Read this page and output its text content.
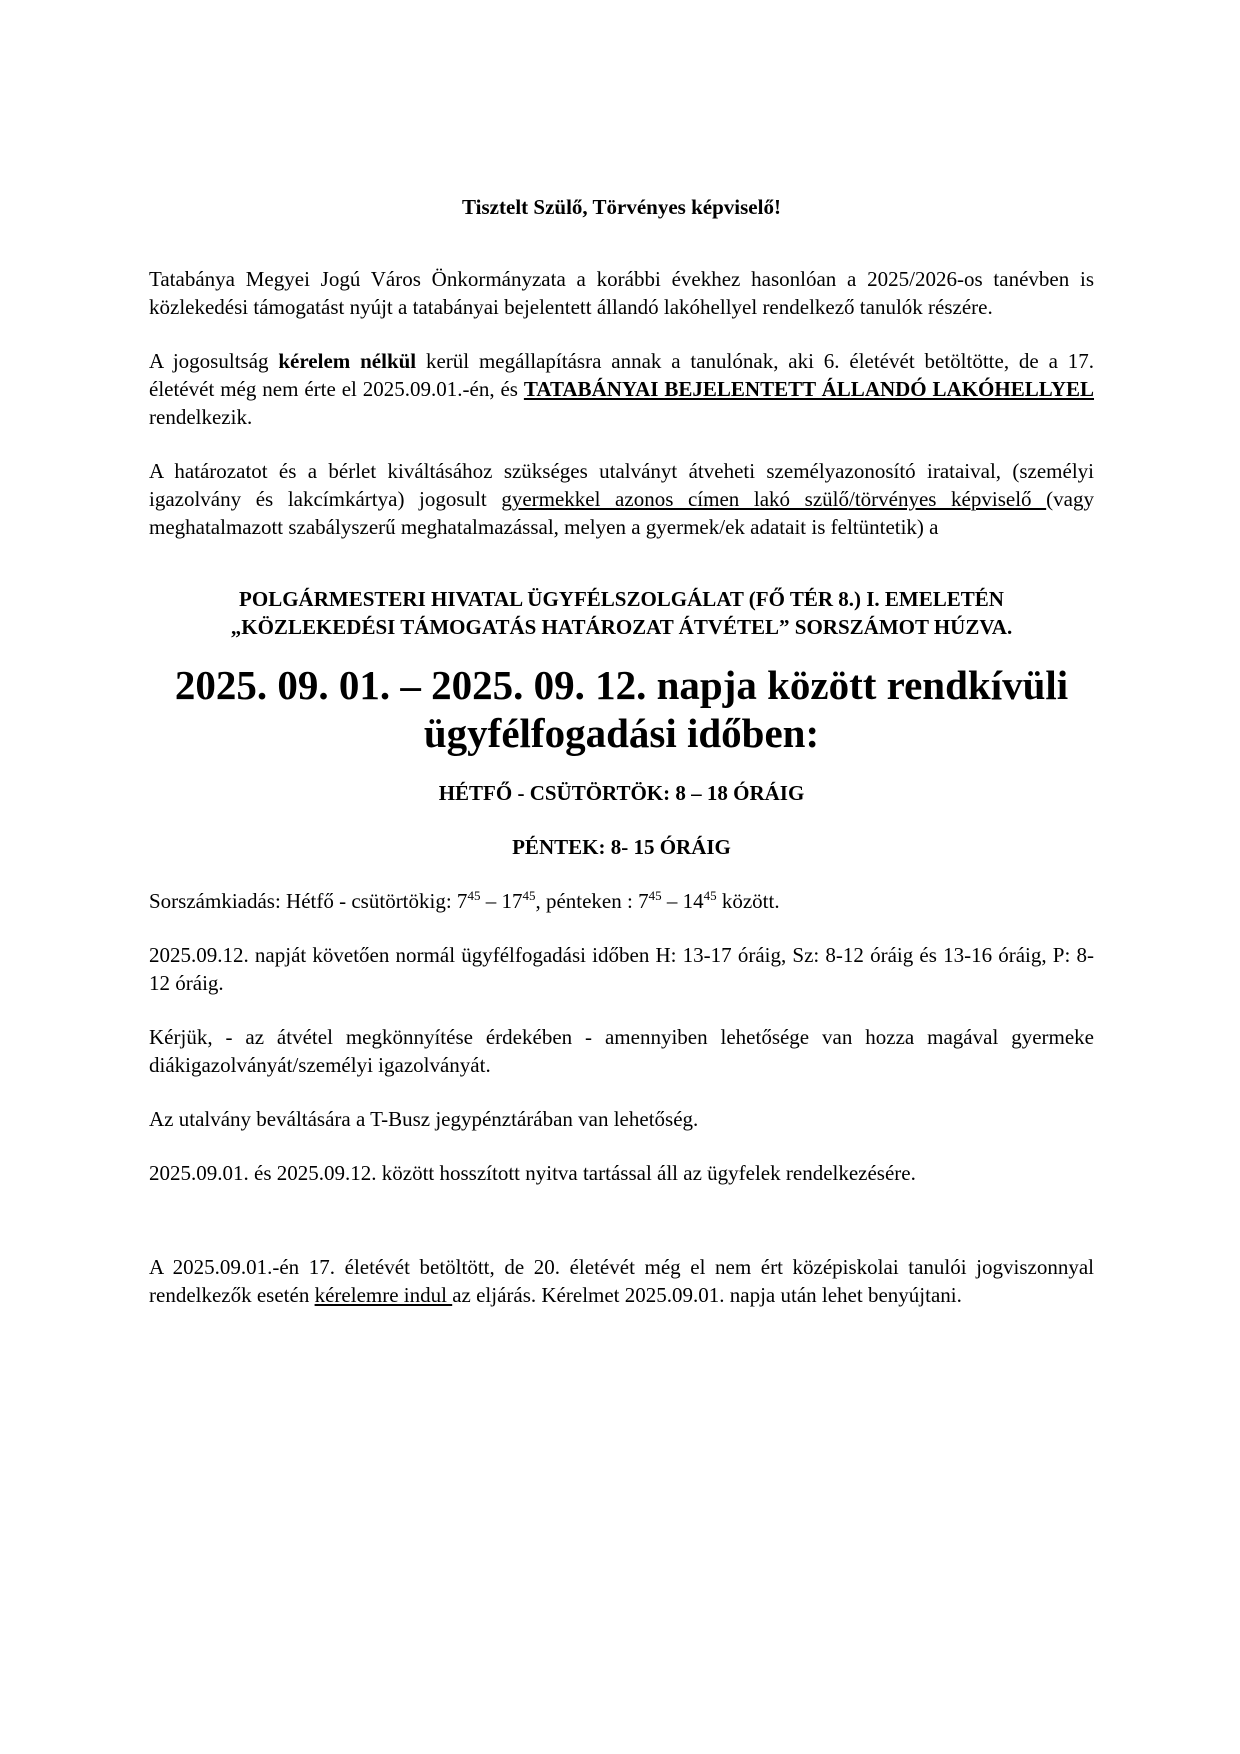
Tisztelt Szülő, Törvényes képviselő!

Tatabánya Megyei Jogú Város Önkormányzata a korábbi évekhez hasonlóan a 2025/2026-os tanévben is közlekedési támogatást nyújt a tatabányai bejelentett állandó lakóhellyel rendelkező tanulók részére.

A jogosultság kérelem nélkül kerül megállapításra annak a tanulónak, aki 6. életévét betöltötte, de a 17. életévét még nem érte el 2025.09.01.-én, és TATABÁNYAI BEJELENTETT ÁLLANDÓ LAKÓHELLYEL rendelkezik.

A határozatot és a bérlet kiváltásához szükséges utalványt átveheti személyazonosító irataival, (személyi igazolvány és lakcímkártya) jogosult gyermekkel azonos címen lakó szülő/törvényes képviselő (vagy meghatalmazott szabályszerű meghatalmazással, melyen a gyermek/ek adatait is feltüntetik) a

POLGÁRMESTERI HIVATAL ÜGYFÉLSZOLGÁLAT (FŐ TÉR 8.) I. EMELETÉN
„KÖZLEKEDÉSI TÁMOGATÁS HATÁROZAT ÁTVÉTEL” SORSZÁMOT HÚZVA.
2025. 09. 01. – 2025. 09. 12. napja között rendkívüli ügyfélfogadási időben:
HÉTFŐ - CSÜTÖRTÖK: 8 – 18 ÓRÁIG
PÉNTEK: 8- 15 ÓRÁIG

Sorszámkiadás: Hétfő - csütörtökig: $7^{45} - 17^{45}$, pénteken : $7^{45} - 14^{45}$ között.

2025.09.12. napját követően normál ügyfélfogadási időben H: 13-17 óráig, Sz: 8-12 óráig és 13-16 óráig, P: 8-12 óráig.

Kérjük, - az átvétel megkönnyítése érdekében - amennyiben lehetősége van hozza magával gyermeke diákigazolványát/személyi igazolványát.

Az utalvány beváltására a T-Busz jegypénztárában van lehetőség.

2025.09.01. és 2025.09.12. között hosszított nyitva tartással áll az ügyfelek rendelkezésére.

A 2025.09.01.-én 17. életévét betöltött, de 20. életévét még el nem ért középiskolai tanulói jogviszonnyal rendelkezők esetén kérelemre indul az eljárás. Kérelmet 2025.09.01. napja után lehet benyújtani.
